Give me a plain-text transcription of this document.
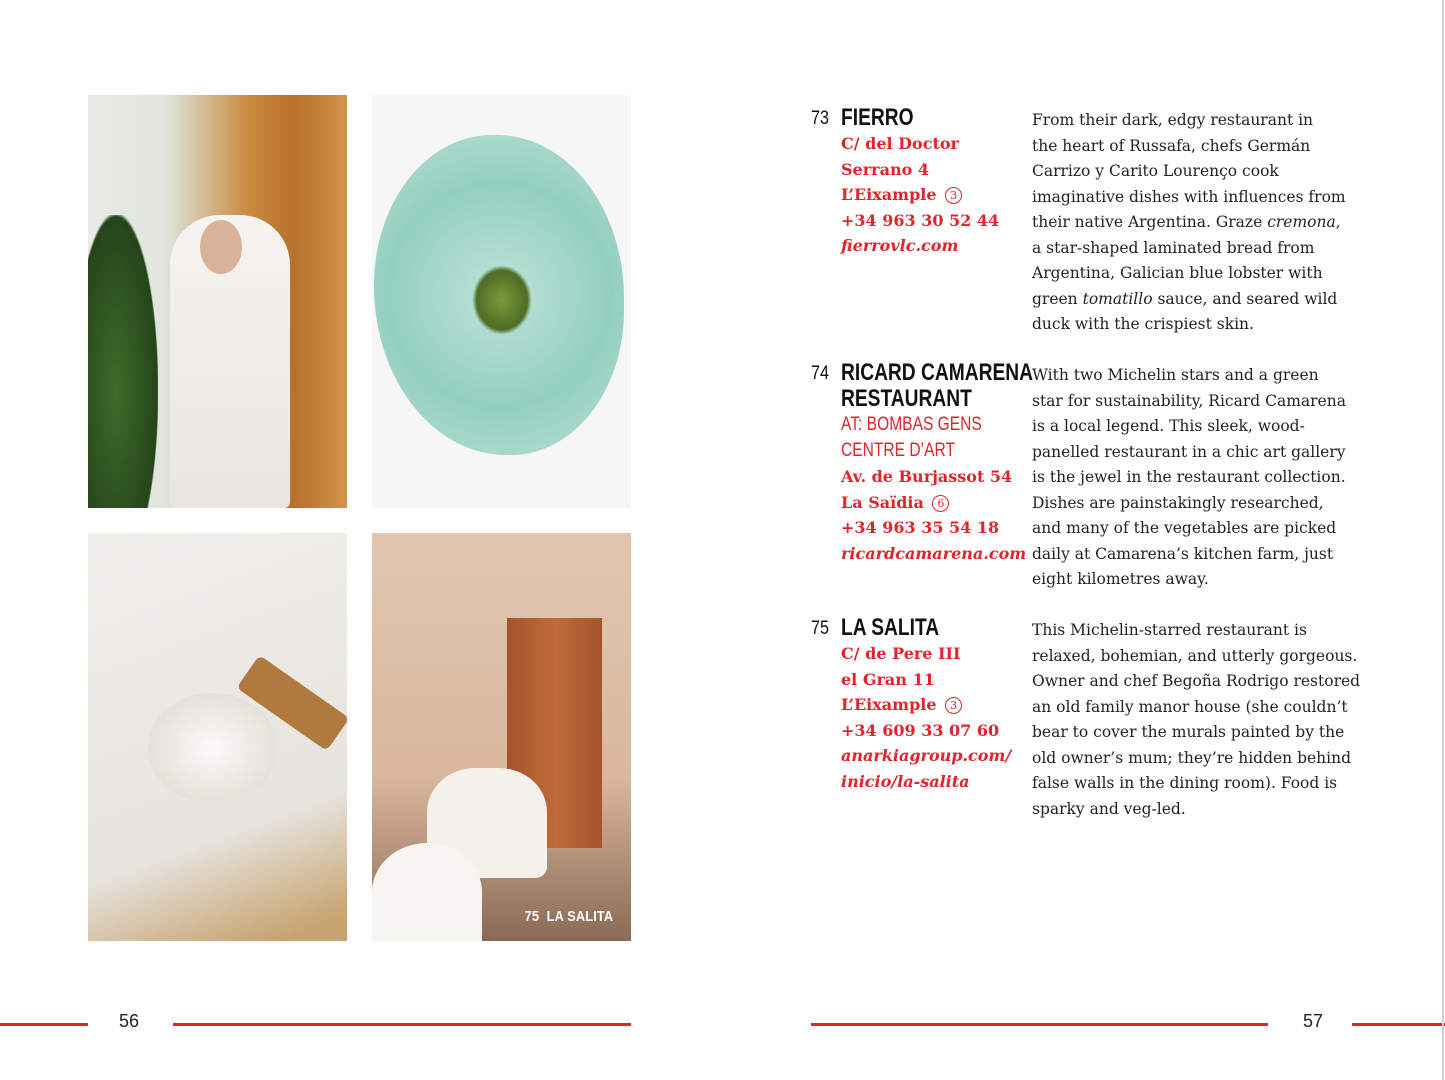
75 LA SALITA
73 FIERRO
C/ del Doctor
Serrano 4
L’Eixample 3
+34 963 30 52 44
fierrovlc.com
From their dark, edgy restaurant in
the heart of Russafa, chefs Germán
Carrizo y Carito Lourenço cook
imaginative dishes with influences from
their native Argentina. Graze cremona,
a star-shaped laminated bread from
Argentina, Galician blue lobster with
green tomatillo sauce, and seared wild
duck with the crispiest skin.
74 RICARD CAMARENA
RESTAURANT
AT: BOMBAS GENS
CENTRE D’ART
Av. de Burjassot 54
La Saïdia 6
+34 963 35 54 18
ricardcamarena.com
With two Michelin stars and a green
star for sustainability, Ricard Camarena
is a local legend. This sleek, wood-
panelled restaurant in a chic art gallery
is the jewel in the restaurant collection.
Dishes are painstakingly researched,
and many of the vegetables are picked
daily at Camarena’s kitchen farm, just
eight kilometres away.
75 LA SALITA
C/ de Pere III
el Gran 11
L’Eixample 3
+34 609 33 07 60
anarkiagroup.com/
inicio/la-salita
This Michelin-starred restaurant is
relaxed, bohemian, and utterly gorgeous.
Owner and chef Begoña Rodrigo restored
an old family manor house (she couldn’t
bear to cover the murals painted by the
old owner’s mum; they’re hidden behind
false walls in the dining room). Food is
sparky and veg-led.
56	57
